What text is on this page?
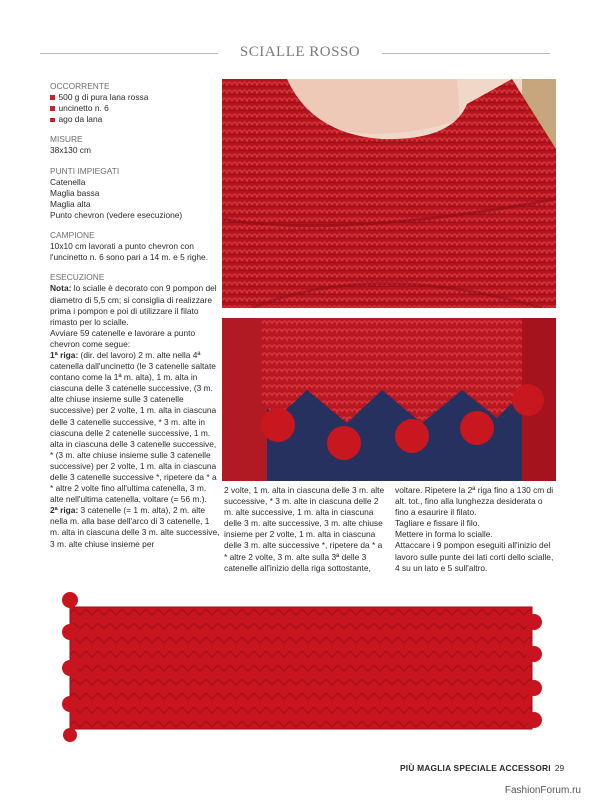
SCIALLE ROSSO
OCCORRENTE
500 g di pura lana rossa
uncinetto n. 6
ago da lana
MISURE
38x130 cm
PUNTI IMPIEGATI
Catenella
Maglia bassa
Maglia alta
Punto chevron (vedere esecuzione)
CAMPIONE

10x10 cm lavorati a punto chevron con l'uncinetto n. 6 sono pari a 14 m. e 5 righe.

ESECUZIONE

Nota: lo scialle è decorato con 9 pompon del diametro di 5,5 cm; si consiglia di realizzare prima i pompon e poi di utilizzare il filato rimasto per lo scialle.

Avviare 59 catenelle e lavorare a punto chevron come segue:

1ª riga: (dir. del lavoro) 2 m. alte nella 4ª catenella dall'uncinetto (le 3 catenelle saltate contano come la 1ª m. alta), 1 m. alta in ciascuna delle 3 catenelle successive, (3 m. alte chiuse insieme sulle 3 catenelle successive) per 2 volte, 1 m. alta in ciascuna delle 3 catenelle successive, * 3 m. alte in ciascuna delle 2 catenelle successive, 1 m. alta in ciascuna delle 3 catenelle successive, * (3 m. alte chiuse insieme sulle 3 catenelle successive) per 2 volte, 1 m. alta in ciascuna delle 3 catenelle successive *, ripetere da * a * altre 2 volte fino all'ultima catenella, 3 m. alte nell'ultima catenella, voltare (= 56 m.).

2ª riga: 3 catenelle (= 1 m. alta), 2 m. alte nella m. alla base dell'arco di 3 catenelle, 1 m. alta in ciascuna delle 3 m. alte successive, 3 m. alte chiuse insieme per

2 volte, 1 m. alta in ciascuna delle 3 m. alte successive, * 3 m. alte in ciascuna delle 2 m. alte successive, 1 m. alta in ciascuna delle 3 m. alte successive, 3 m. alte chiuse insieme per 2 volte, 1 m. alta in ciascuna delle 3 m. alte successive *, ripetere da * a * altre 2 volte, 3 m. alte sulla 3ª delle 3 catenelle all'inizio della riga sottostante,

voltare. Ripetere la 2ª riga fino a 130 cm di alt. tot., fino alla lunghezza desiderata o fino a esaurire il filato.

Tagliare e fissare il filo.

Mettere in forma lo scialle.

Attaccare i 9 pompon eseguiti all'inizio del lavoro sulle punte dei lati corti dello scialle, 4 su un lato e 5 sull'altro.

PIÙ MAGLIA SPECIALE ACCESSORI 29
FashionForum.ru
